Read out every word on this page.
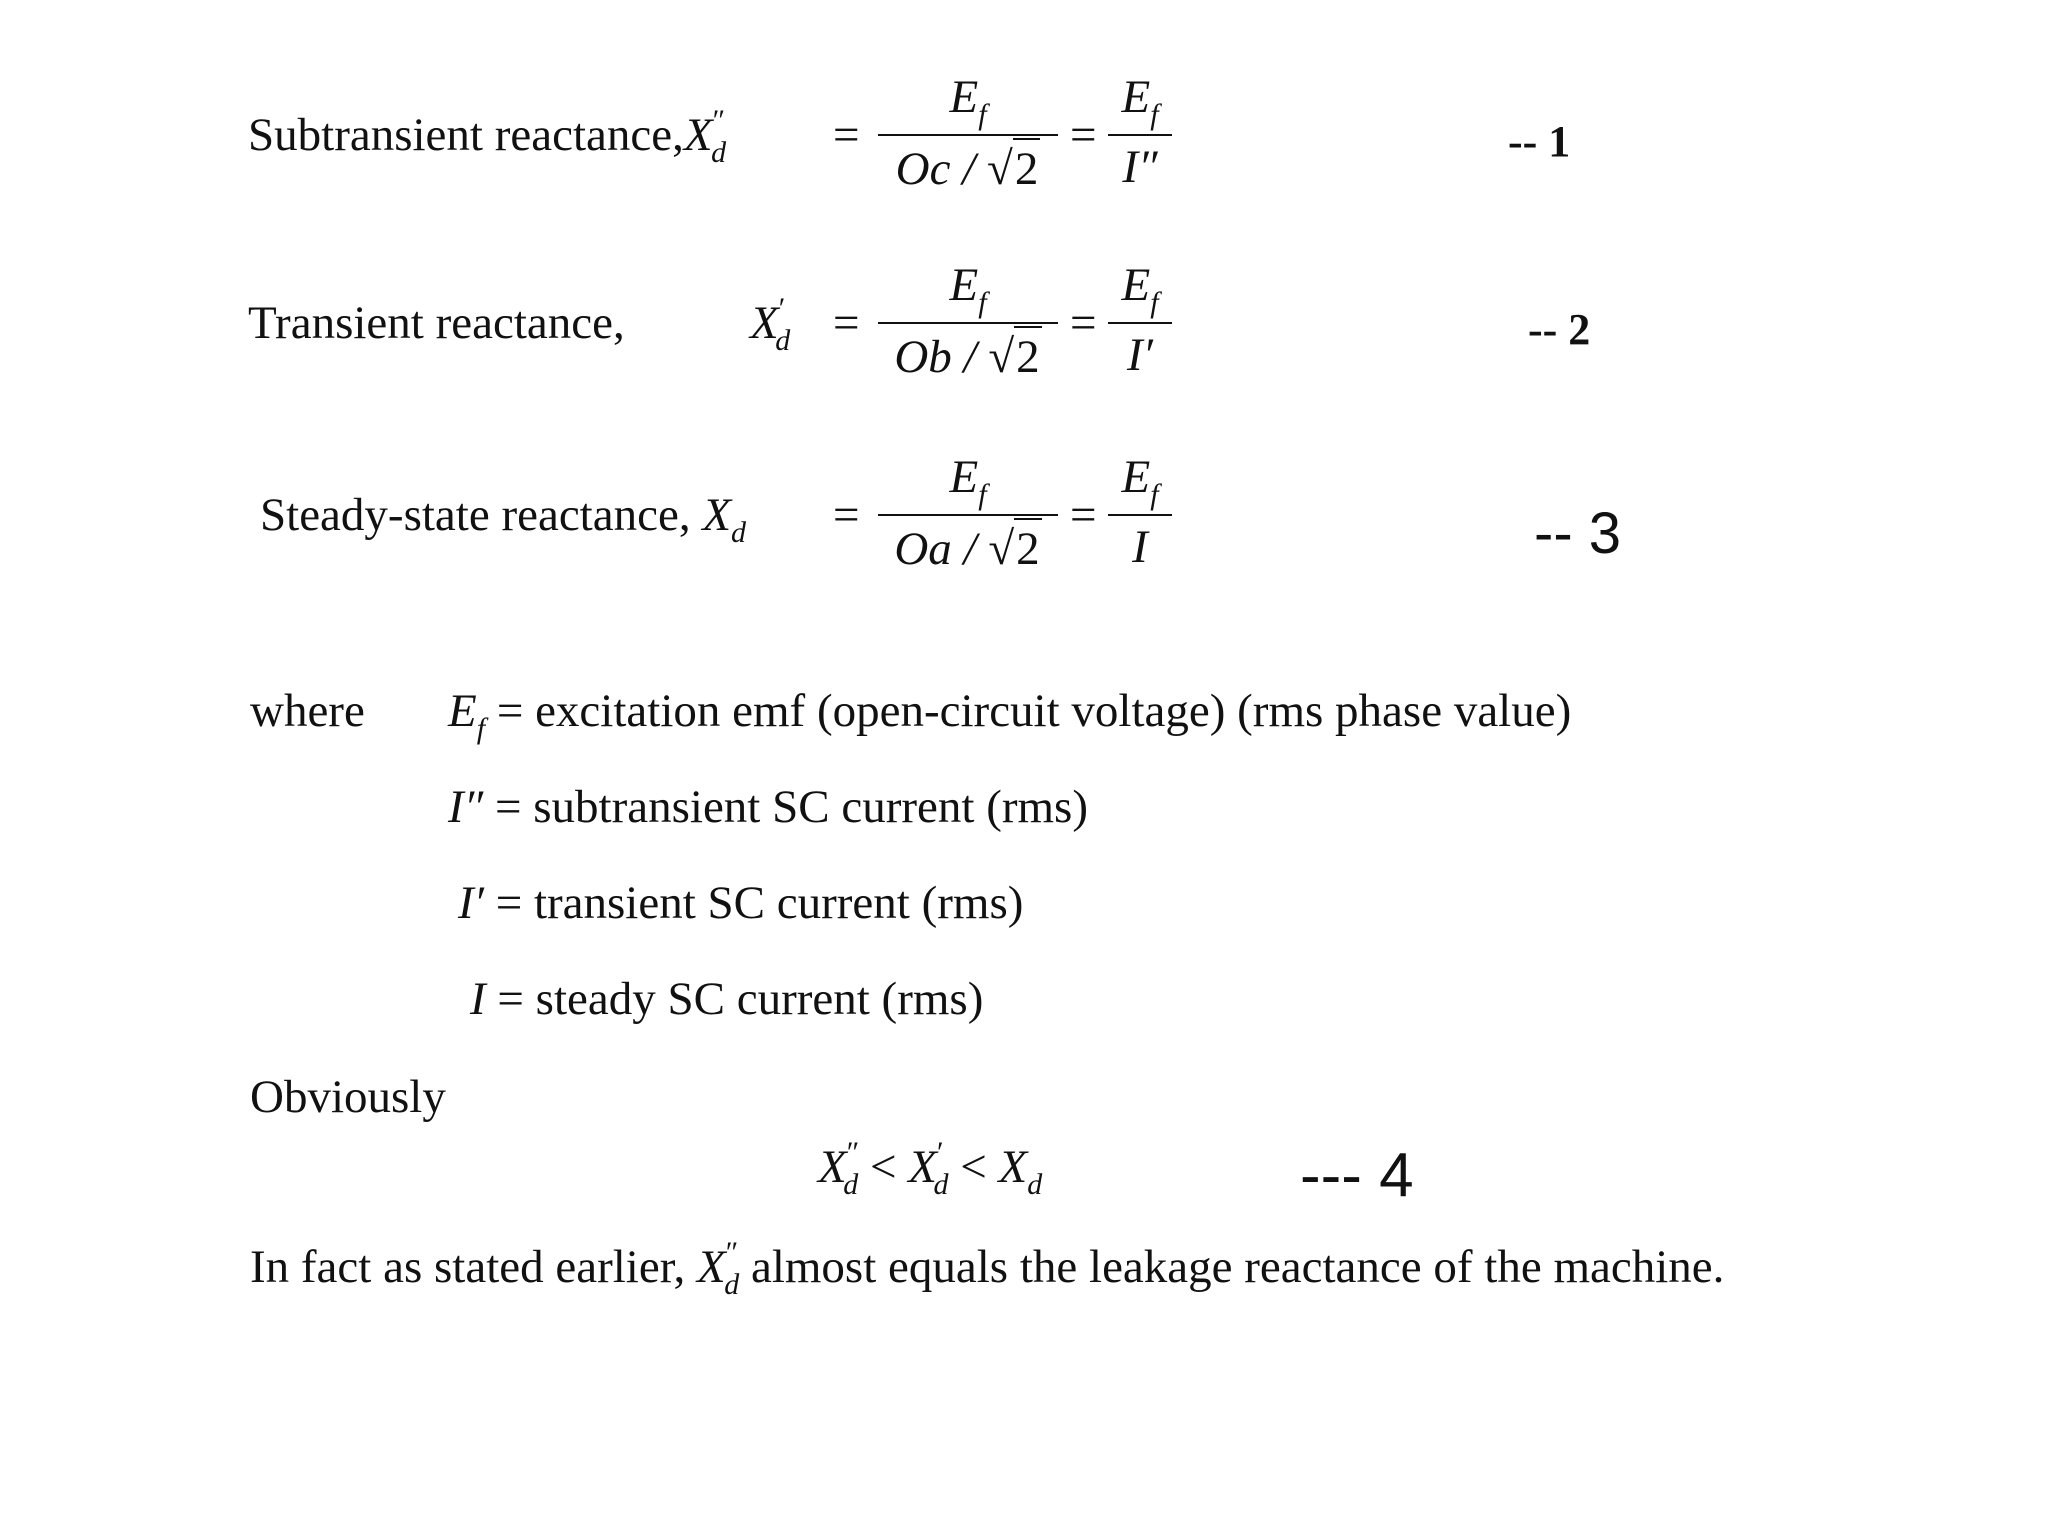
Subtransient $reactance,X''_d$ =
$E_f$
Oc / √2
=
$E_f$
I″	-- 1
Transient reactance,	$X'_d$ =
$E_f$
Ob / √2
=
$E_f$
I′	-- 2
Steady-state reactance, $X_d$ =
$E_f$
Oa / √2
=
$E_f$
I	-- 3
where $E_f$ = excitation emf (open-circuit voltage) (rms phase value)
I″ = subtransient SC current (rms)
I′ = transient SC current (rms)
I = steady SC current (rms)
Obviously
$X''_d < X'_d < X_d$	--- 4
In fact as stated earlier, $X''_d$ almost equals the leakage reactance of the machine.
